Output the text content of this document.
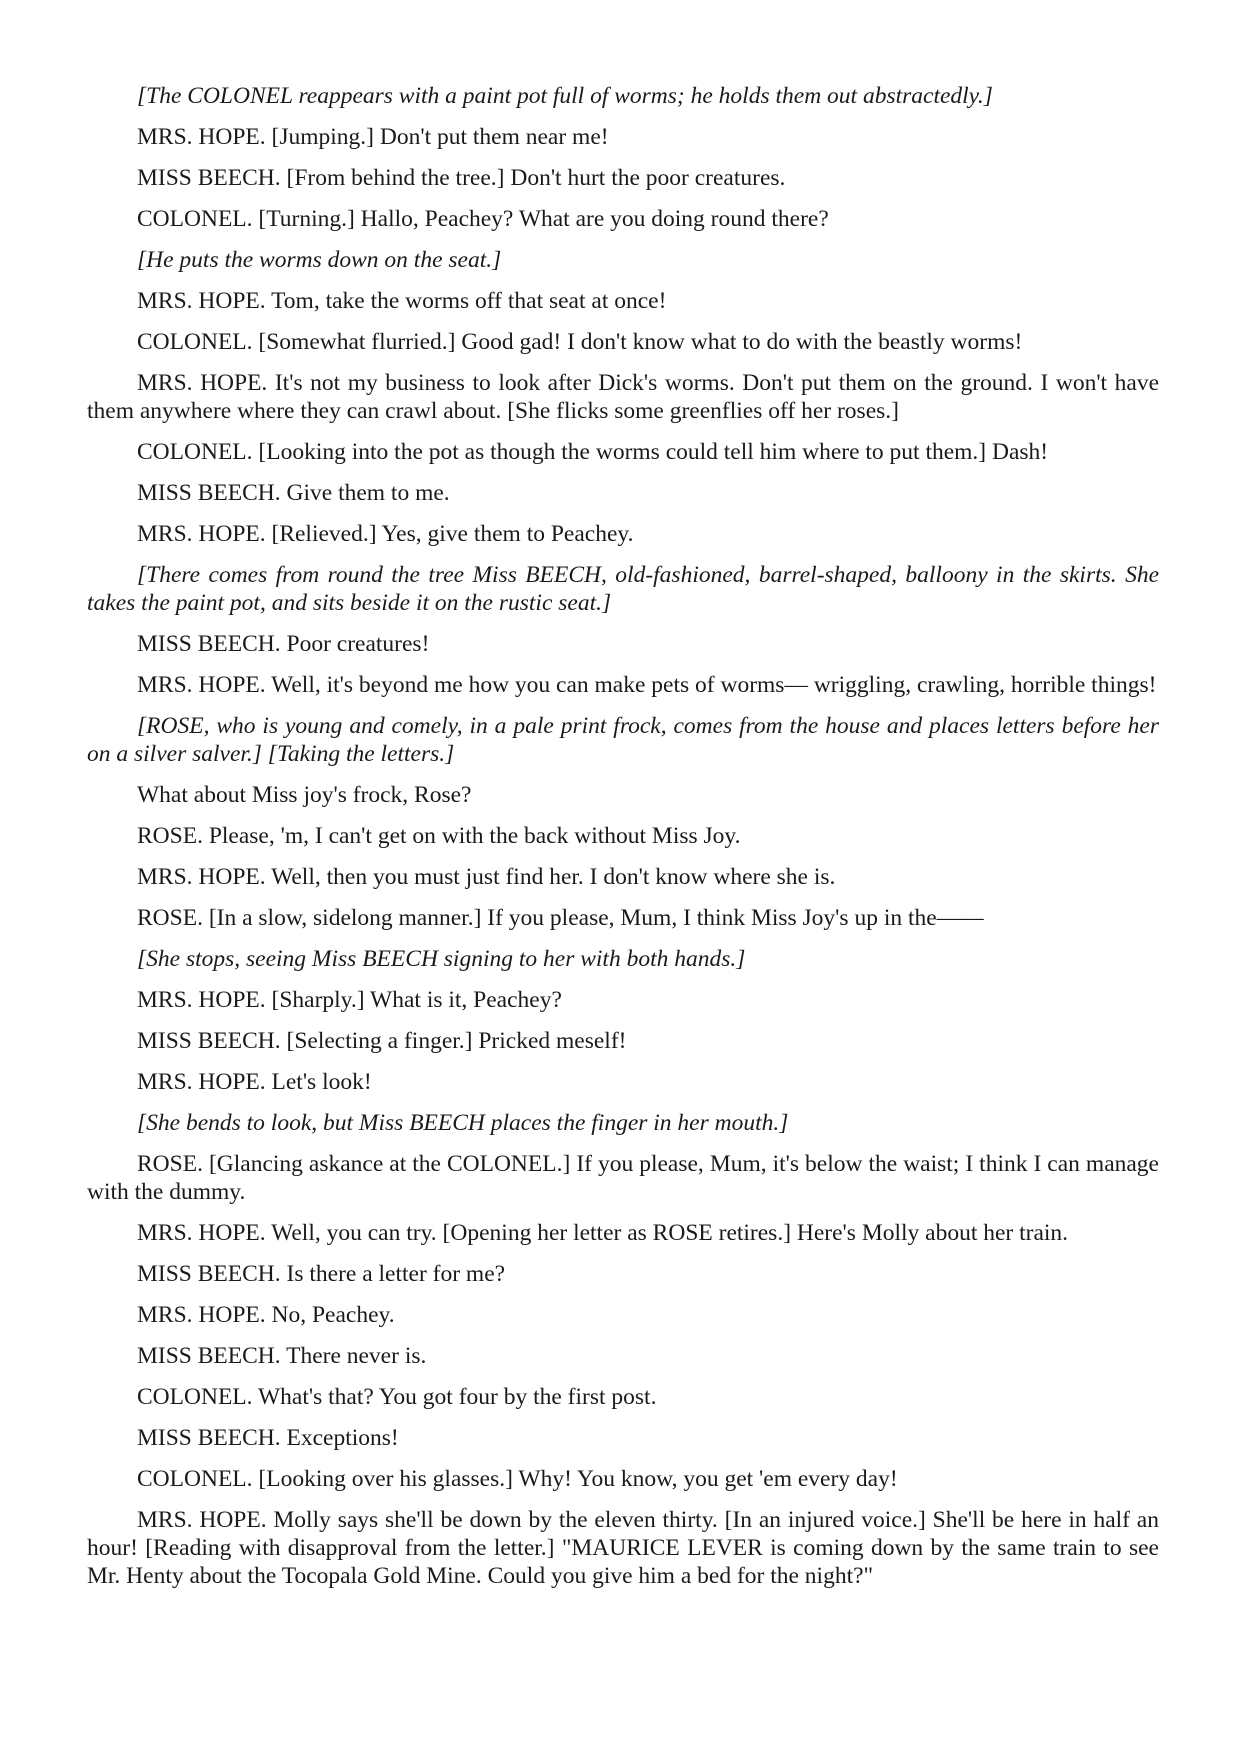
[The COLONEL reappears with a paint pot full of worms; he holds them out abstractedly.]

MRS. HOPE. [Jumping.] Don't put them near me!

MISS BEECH. [From behind the tree.] Don't hurt the poor creatures.

COLONEL. [Turning.] Hallo, Peachey? What are you doing round there?

[He puts the worms down on the seat.]

MRS. HOPE. Tom, take the worms off that seat at once!

COLONEL. [Somewhat flurried.] Good gad! I don't know what to do with the beastly worms!

MRS. HOPE. It's not my business to look after Dick's worms. Don't put them on the ground. I won't have them anywhere where they can crawl about. [She flicks some greenflies off her roses.]

COLONEL. [Looking into the pot as though the worms could tell him where to put them.] Dash!

MISS BEECH. Give them to me.

MRS. HOPE. [Relieved.] Yes, give them to Peachey.

[There comes from round the tree Miss BEECH, old-fashioned, barrel-shaped, balloony in the skirts. She takes the paint pot, and sits beside it on the rustic seat.]

MISS BEECH. Poor creatures!

MRS. HOPE. Well, it's beyond me how you can make pets of worms— wriggling, crawling, horrible things!

[ROSE, who is young and comely, in a pale print frock, comes from the house and places letters before her on a silver salver.] [Taking the letters.]

What about Miss joy's frock, Rose?

ROSE. Please, 'm, I can't get on with the back without Miss Joy.

MRS. HOPE. Well, then you must just find her. I don't know where she is.

ROSE. [In a slow, sidelong manner.] If you please, Mum, I think Miss Joy's up in the——

[She stops, seeing Miss BEECH signing to her with both hands.]

MRS. HOPE. [Sharply.] What is it, Peachey?

MISS BEECH. [Selecting a finger.] Pricked meself!

MRS. HOPE. Let's look!

[She bends to look, but Miss BEECH places the finger in her mouth.]

ROSE. [Glancing askance at the COLONEL.] If you please, Mum, it's below the waist; I think I can manage with the dummy.

MRS. HOPE. Well, you can try. [Opening her letter as ROSE retires.] Here's Molly about her train.

MISS BEECH. Is there a letter for me?

MRS. HOPE. No, Peachey.

MISS BEECH. There never is.

COLONEL. What's that? You got four by the first post.

MISS BEECH. Exceptions!

COLONEL. [Looking over his glasses.] Why! You know, you get 'em every day!

MRS. HOPE. Molly says she'll be down by the eleven thirty. [In an injured voice.] She'll be here in half an hour! [Reading with disapproval from the letter.] "MAURICE LEVER is coming down by the same train to see Mr. Henty about the Tocopala Gold Mine. Could you give him a bed for the night?"
